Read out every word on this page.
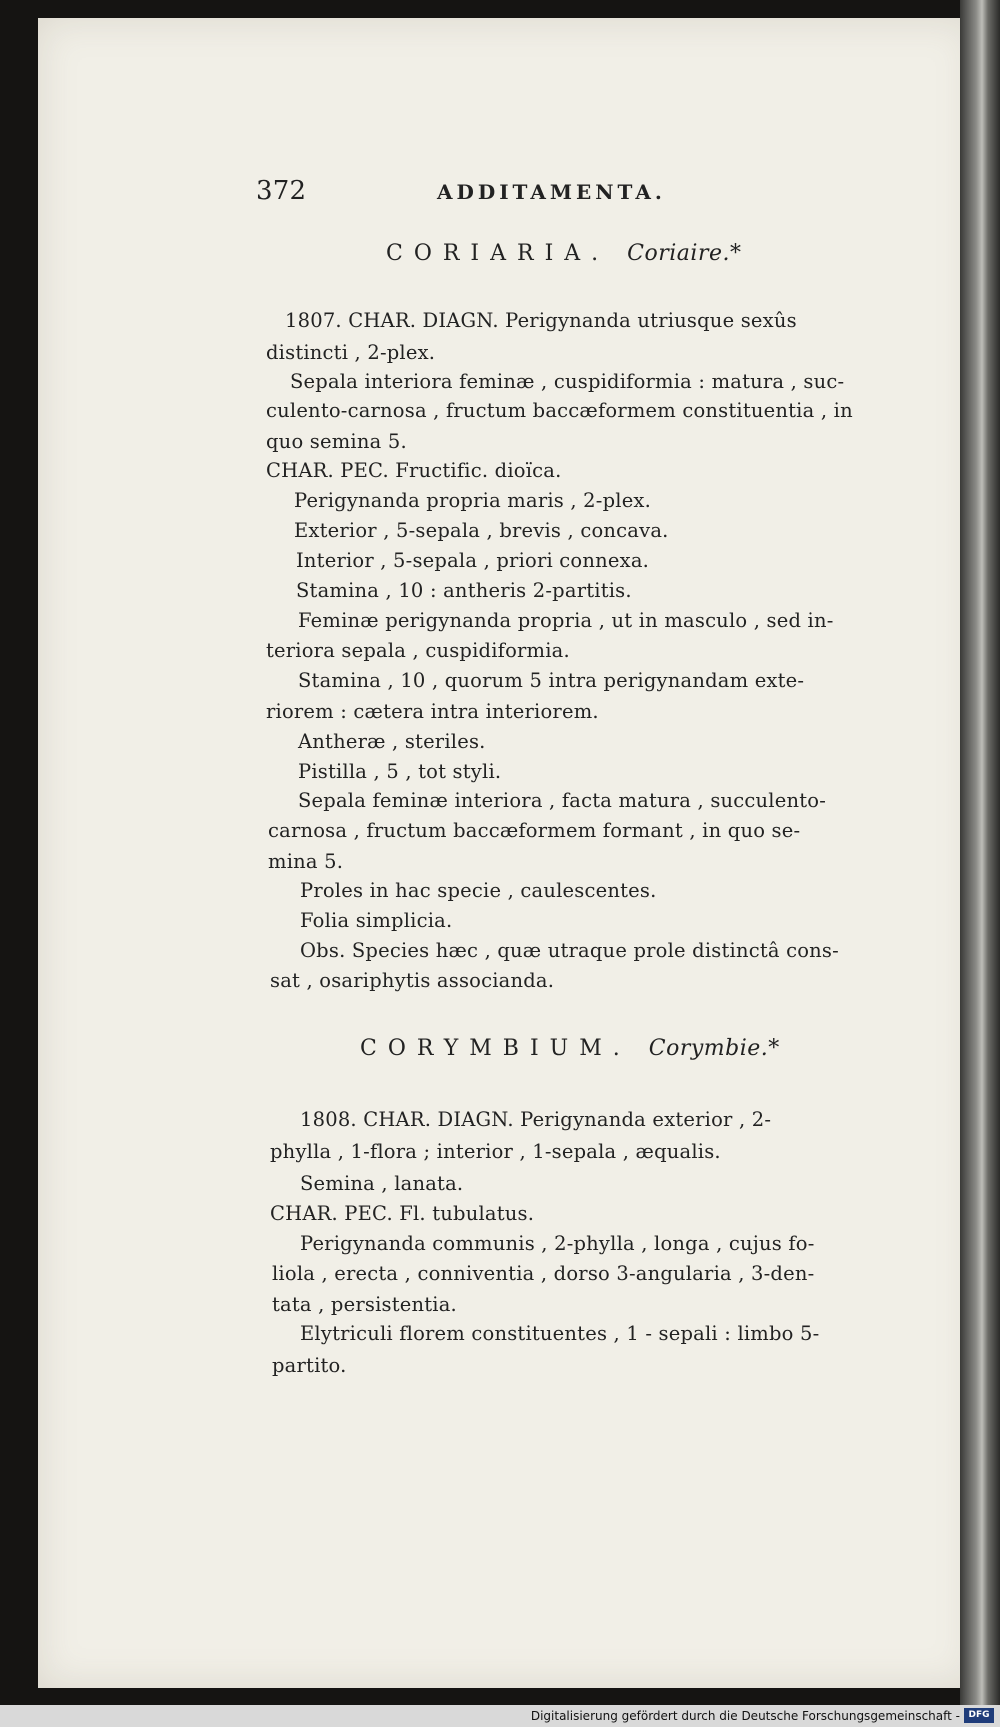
372	ADDITAMENTA.
CORIARIA. Coriaire.*
1807. CHAR. DIAGN. Perigynanda utriusque sexûs
distincti , 2-plex.
Sepala interiora feminæ , cuspidiformia : matura , suc-
culento-carnosa , fructum baccæformem constituentia , in
quo semina 5.
CHAR. PEC. Fructific. dioïca.
Perigynanda propria maris , 2-plex.
Exterior , 5-sepala , brevis , concava.
Interior , 5-sepala , priori connexa.
Stamina , 10 : antheris 2-partitis.
Feminæ perigynanda propria , ut in masculo , sed in-
teriora sepala , cuspidiformia.
Stamina , 10 , quorum 5 intra perigynandam exte-
riorem : cætera intra interiorem.
Antheræ , steriles.
Pistilla , 5 , tot styli.
Sepala feminæ interiora , facta matura , succulento-
carnosa , fructum baccæformem formant , in quo se-
mina 5.
Proles in hac specie , caulescentes.
Folia simplicia.
Obs. Species hæc , quæ utraque prole distinctâ cons-
sat , osariphytis associanda.
CORYMBIUM. Corymbie.*
1808. CHAR. DIAGN. Perigynanda exterior , 2-
phylla , 1-flora ; interior , 1-sepala , æqualis.
Semina , lanata.
CHAR. PEC. Fl. tubulatus.
Perigynanda communis , 2-phylla , longa , cujus fo-
liola , erecta , conniventia , dorso 3-angularia , 3-den-
tata , persistentia.
Elytriculi florem constituentes , 1 - sepali : limbo 5-
partito.
Digitalisierung gefördert durch die Deutsche Forschungsgemeinschaft - DFG
